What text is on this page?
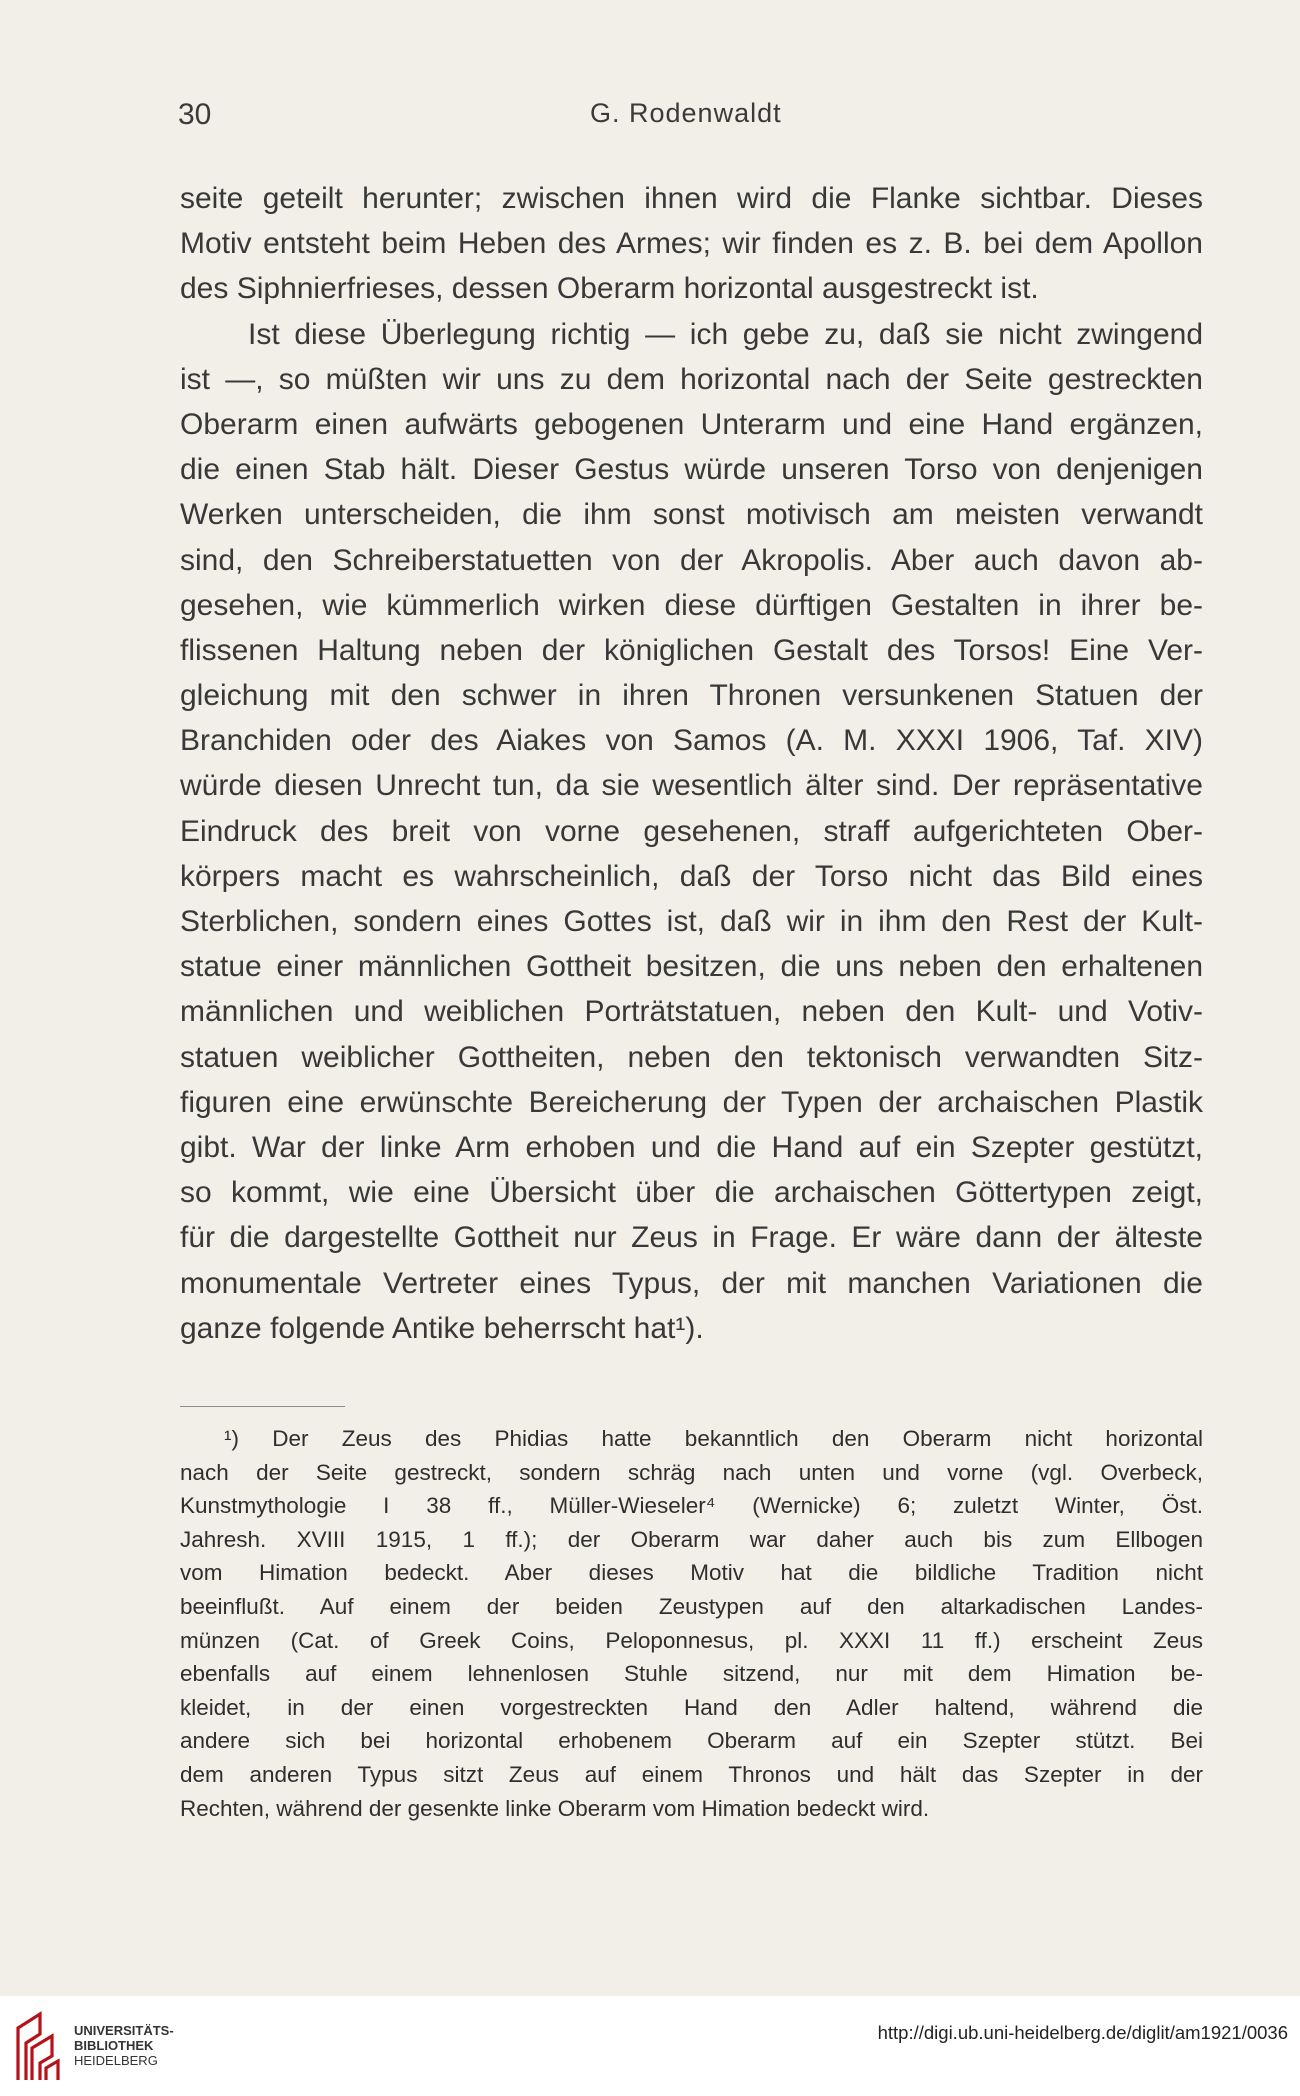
30	G. Rodenwaldt
seite geteilt herunter; zwischen ihnen wird die Flanke sichtbar. Dieses
Motiv entsteht beim Heben des Armes; wir finden es z. B. bei dem Apollon
des Siphnierfrieses, dessen Oberarm horizontal ausgestreckt ist.
Ist diese Überlegung richtig — ich gebe zu, daß sie nicht zwingend
ist —, so müßten wir uns zu dem horizontal nach der Seite gestreckten
Oberarm einen aufwärts gebogenen Unterarm und eine Hand ergänzen,
die einen Stab hält. Dieser Gestus würde unseren Torso von denjenigen
Werken unterscheiden, die ihm sonst motivisch am meisten verwandt
sind, den Schreiberstatuetten von der Akropolis. Aber auch davon ab-
gesehen, wie kümmerlich wirken diese dürftigen Gestalten in ihrer be-
flissenen Haltung neben der königlichen Gestalt des Torsos! Eine Ver-
gleichung mit den schwer in ihren Thronen versunkenen Statuen der
Branchiden oder des Aiakes von Samos (A. M. XXXI 1906, Taf. XIV)
würde diesen Unrecht tun, da sie wesentlich älter sind. Der repräsentative
Eindruck des breit von vorne gesehenen, straff aufgerichteten Ober-
körpers macht es wahrscheinlich, daß der Torso nicht das Bild eines
Sterblichen, sondern eines Gottes ist, daß wir in ihm den Rest der Kult-
statue einer männlichen Gottheit besitzen, die uns neben den erhaltenen
männlichen und weiblichen Porträtstatuen, neben den Kult- und Votiv-
statuen weiblicher Gottheiten, neben den tektonisch verwandten Sitz-
figuren eine erwünschte Bereicherung der Typen der archaischen Plastik
gibt. War der linke Arm erhoben und die Hand auf ein Szepter gestützt,
so kommt, wie eine Übersicht über die archaischen Göttertypen zeigt,
für die dargestellte Gottheit nur Zeus in Frage. Er wäre dann der älteste
monumentale Vertreter eines Typus, der mit manchen Variationen die
ganze folgende Antike beherrscht hat¹).
¹) Der Zeus des Phidias hatte bekanntlich den Oberarm nicht horizontal
nach der Seite gestreckt, sondern schräg nach unten und vorne (vgl. Overbeck,
Kunstmythologie I 38 ff., Müller-Wieseler⁴ (Wernicke) 6; zuletzt Winter, Öst.
Jahresh. XVIII 1915, 1 ff.); der Oberarm war daher auch bis zum Ellbogen
vom Himation bedeckt. Aber dieses Motiv hat die bildliche Tradition nicht
beeinflußt. Auf einem der beiden Zeustypen auf den altarkadischen Landes-
münzen (Cat. of Greek Coins, Peloponnesus, pl. XXXI 11 ff.) erscheint Zeus
ebenfalls auf einem lehnenlosen Stuhle sitzend, nur mit dem Himation be-
kleidet, in der einen vorgestreckten Hand den Adler haltend, während die
andere sich bei horizontal erhobenem Oberarm auf ein Szepter stützt. Bei
dem anderen Typus sitzt Zeus auf einem Thronos und hält das Szepter in der
Rechten, während der gesenkte linke Oberarm vom Himation bedeckt wird.
UNIVERSITÄTS-
BIBLIOTHEK
HEIDELBERG
http://digi.ub.uni-heidelberg.de/diglit/am1921/0036
